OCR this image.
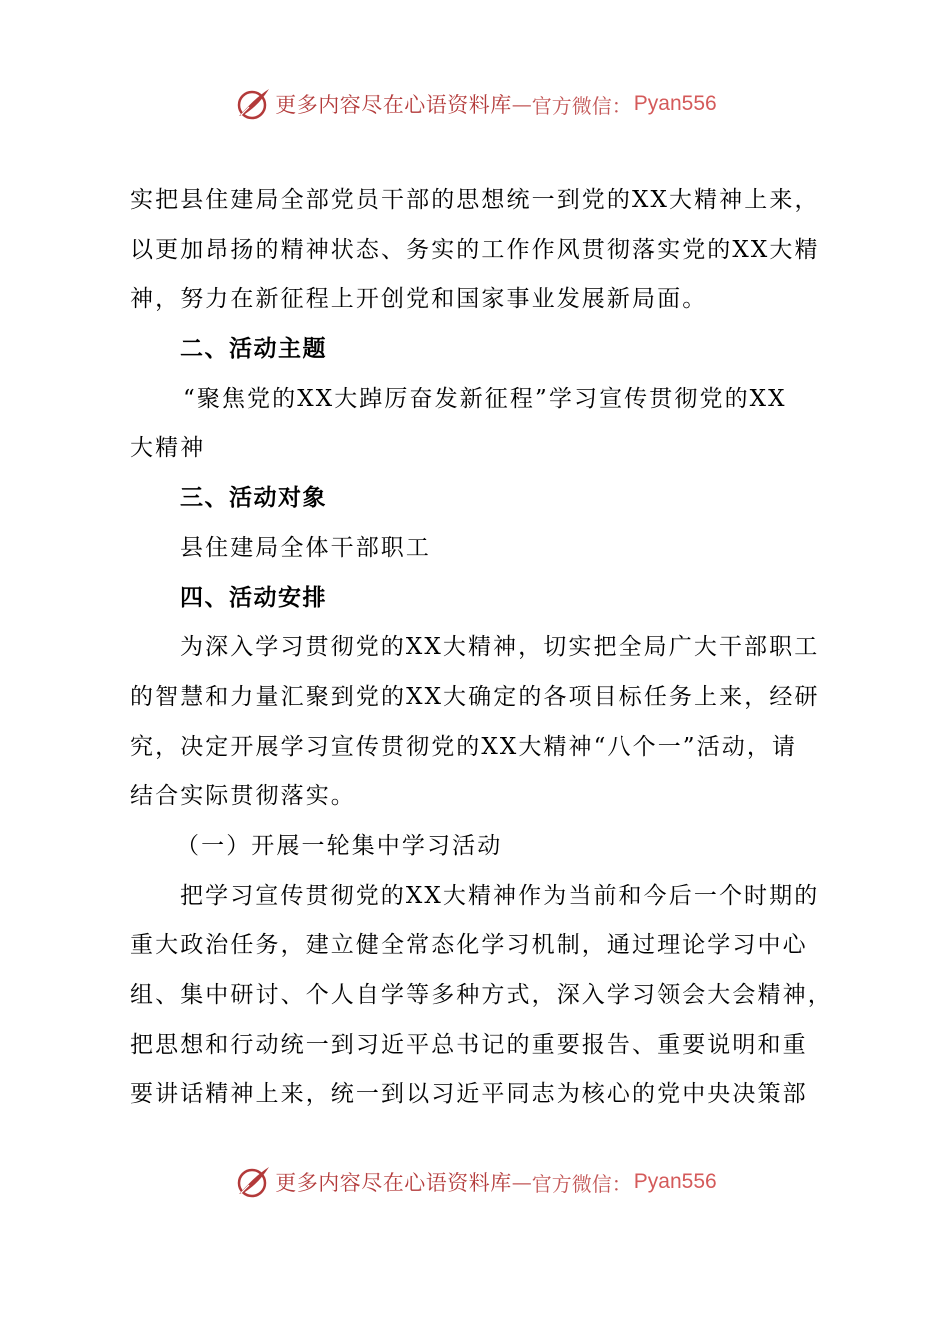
更多内容尽在心语资料库 — 官方微信： Pyan556
实把县住建局全部党员干部的思想统一到党的XX大精神上来，
以更加昂扬的精神状态、务实的工作作风贯彻落实党的XX大精
神，努力在新征程上开创党和国家事业发展新局面。
二、活动主题
“聚焦党的XX大踔厉奋发新征程”学习宣传贯彻党的XX
大精神
三、活动对象
县住建局全体干部职工
四、活动安排
为深入学习贯彻党的XX大精神，切实把全局广大干部职工
的智慧和力量汇聚到党的XX大确定的各项目标任务上来，经研
究，决定开展学习宣传贯彻党的XX大精神“八个一”活动，请
结合实际贯彻落实。
（一）开展一轮集中学习活动
把学习宣传贯彻党的XX大精神作为当前和今后一个时期的
重大政治任务，建立健全常态化学习机制，通过理论学习中心
组、集中研讨、个人自学等多种方式，深入学习领会大会精神，
把思想和行动统一到习近平总书记的重要报告、重要说明和重
要讲话精神上来，统一到以习近平同志为核心的党中央决策部
更多内容尽在心语资料库 — 官方微信： Pyan556
